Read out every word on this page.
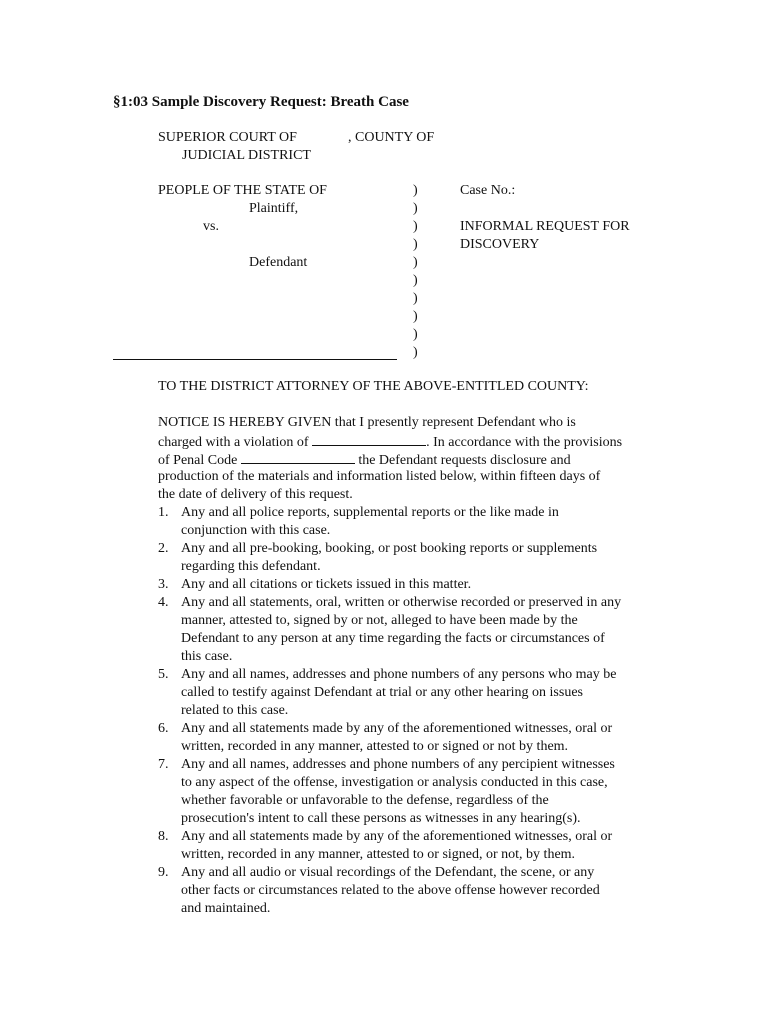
§1:03 Sample Discovery Request: Breath Case
SUPERIOR COURT OF	, COUNTY OF
JUDICIAL DISTRICT
PEOPLE OF THE STATE OF
Plaintiff,
vs.
Defendant
)
)
)
)
)
)
)
)
)
)
Case No.:
INFORMAL REQUEST FOR
DISCOVERY
TO THE DISTRICT ATTORNEY OF THE ABOVE-ENTITLED COUNTY:
NOTICE IS HEREBY GIVEN that I presently represent Defendant who is
charged with a violation of	. In accordance with the provisions
of Penal Code	the Defendant requests disclosure and
production of the materials and information listed below, within fifteen days of
the date of delivery of this request.
1. Any and all police reports, supplemental reports or the like made in
conjunction with this case.
2. Any and all pre-booking, booking, or post booking reports or supplements
regarding this defendant.
3. Any and all citations or tickets issued in this matter.
4. Any and all statements, oral, written or otherwise recorded or preserved in any
manner, attested to, signed by or not, alleged to have been made by the
Defendant to any person at any time regarding the facts or circumstances of
this case.
5. Any and all names, addresses and phone numbers of any persons who may be
called to testify against Defendant at trial or any other hearing on issues
related to this case.
6. Any and all statements made by any of the aforementioned witnesses, oral or
written, recorded in any manner, attested to or signed or not by them.
7. Any and all names, addresses and phone numbers of any percipient witnesses
to any aspect of the offense, investigation or analysis conducted in this case,
whether favorable or unfavorable to the defense, regardless of the
prosecution's intent to call these persons as witnesses in any hearing(s).
8. Any and all statements made by any of the aforementioned witnesses, oral or
written, recorded in any manner, attested to or signed, or not, by them.
9. Any and all audio or visual recordings of the Defendant, the scene, or any
other facts or circumstances related to the above offense however recorded
and maintained.
